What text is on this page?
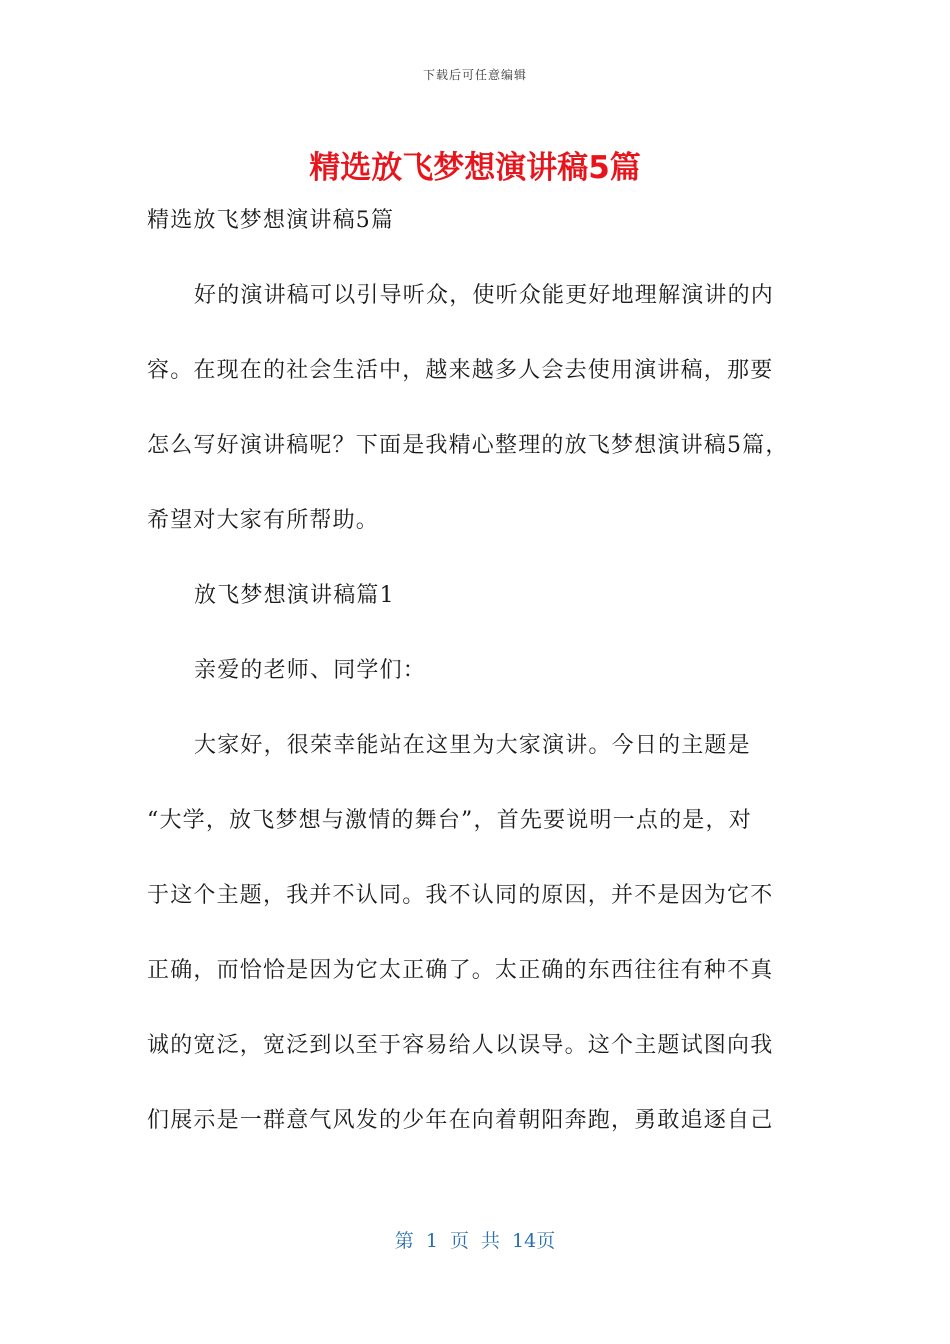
下载后可任意编辑
精选放飞梦想演讲稿5篇
精选放飞梦想演讲稿5篇
好的演讲稿可以引导听众，使听众能更好地理解演讲的内
容。在现在的社会生活中，越来越多人会去使用演讲稿，那要
怎么写好演讲稿呢？下面是我精心整理的放飞梦想演讲稿5篇，
希望对大家有所帮助。
放飞梦想演讲稿篇1
亲爱的老师、同学们：
大家好，很荣幸能站在这里为大家演讲。今日的主题是
“大学，放飞梦想与激情的舞台”，首先要说明一点的是，对
于这个主题，我并不认同。我不认同的原因，并不是因为它不
正确，而恰恰是因为它太正确了。太正确的东西往往有种不真
诚的宽泛，宽泛到以至于容易给人以误导。这个主题试图向我
们展示是一群意气风发的少年在向着朝阳奔跑，勇敢追逐自己
第 1 页 共 14页
